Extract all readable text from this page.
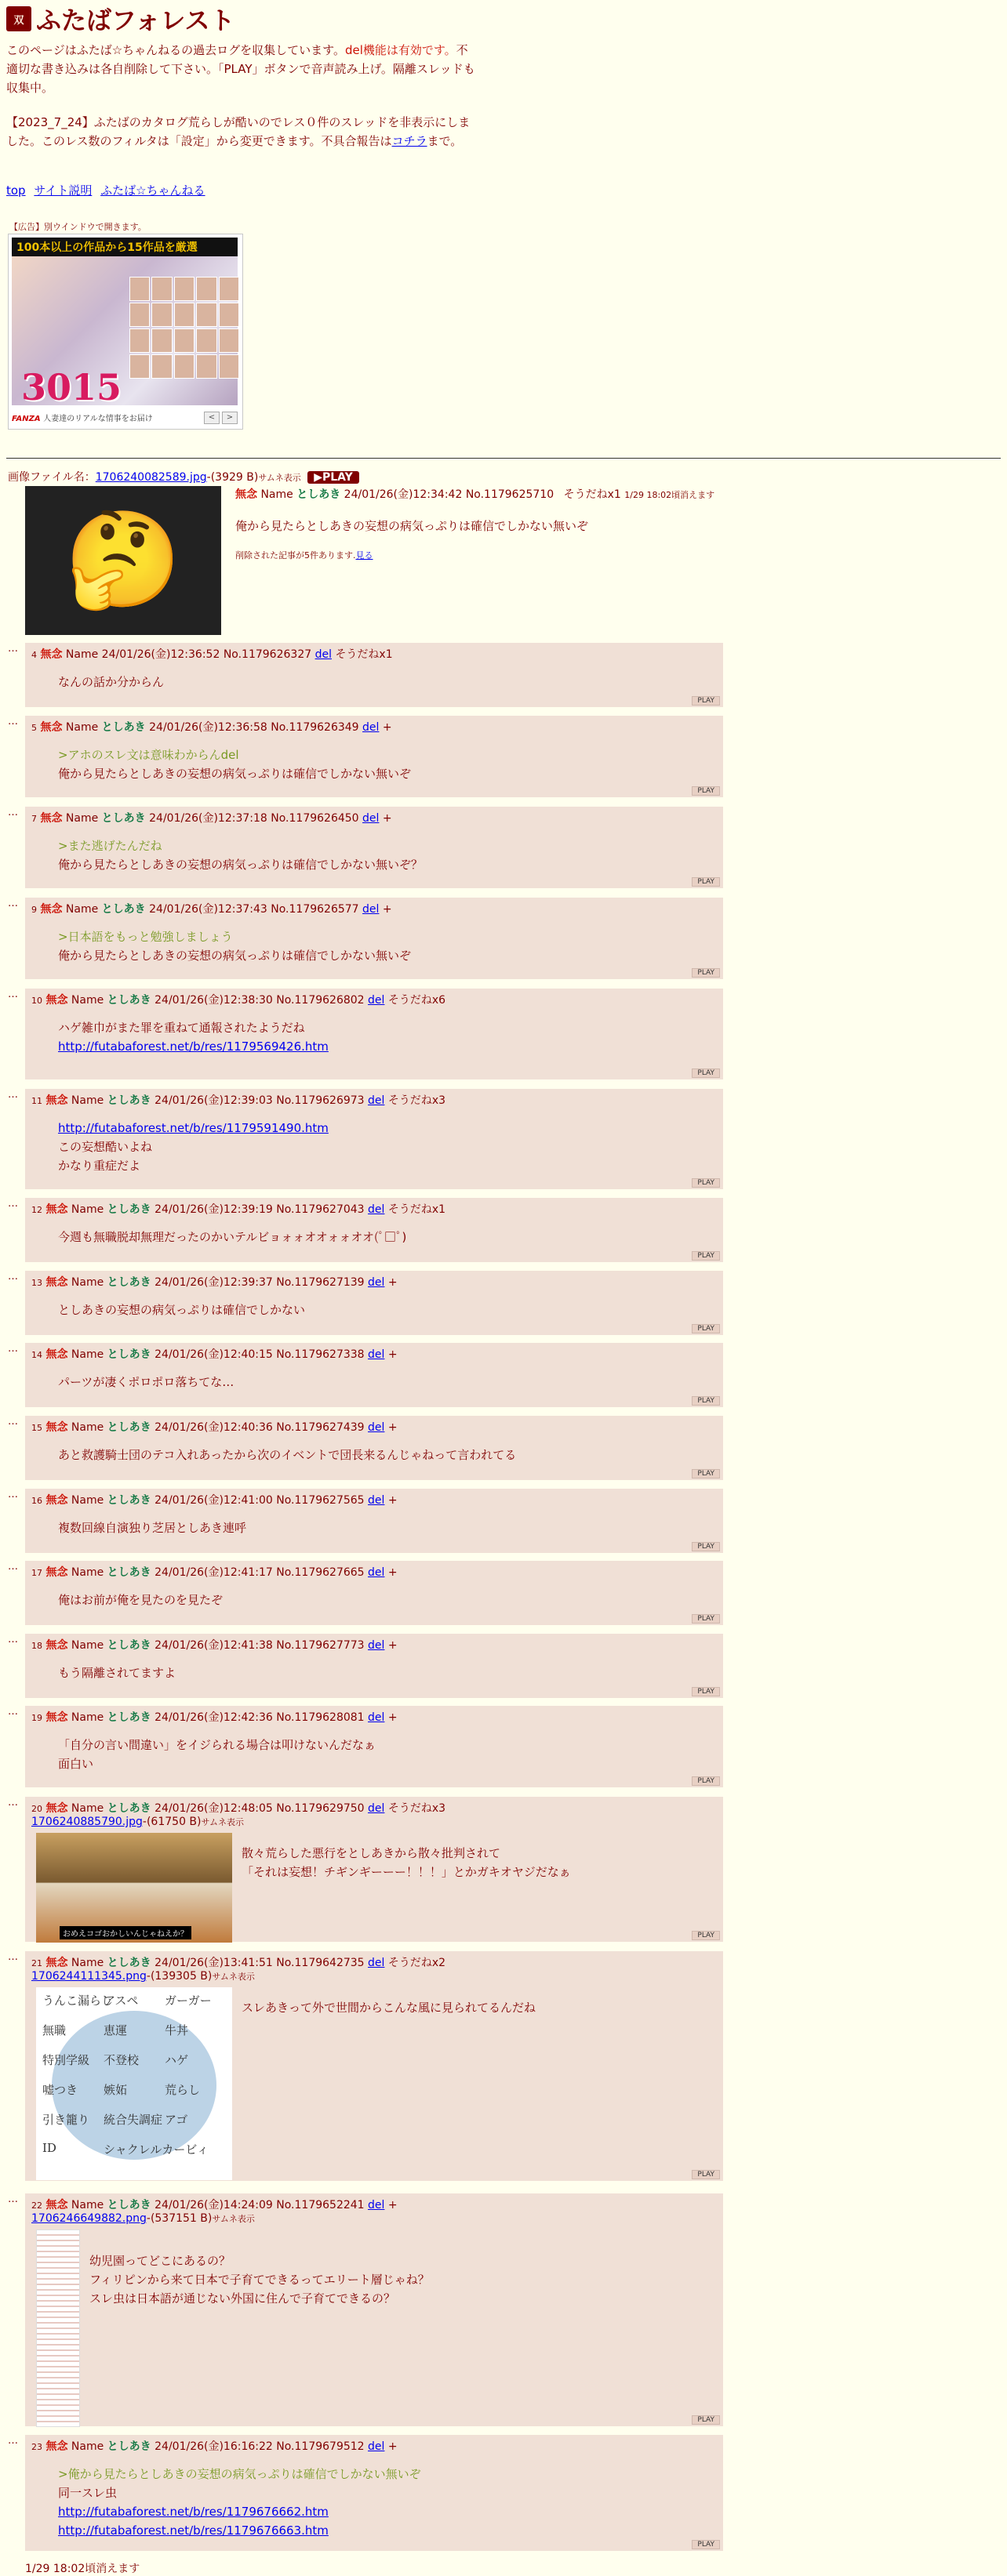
双 ふたばフォレスト

このページはふたば☆ちゃんねるの過去ログを収集しています。del機能は有効です。不適切な書き込みは各自削除して下さい。「PLAY」ボタンで音声読み上げ。隔離スレッドも収集中。

【2023_7_24】ふたばのカタログ荒らしが酷いのでレス０件のスレッドを非表示にしました。このレス数のフィルタは「設定」から変更できます。不具合報告はコチラまで。

top サイト説明 ふたば☆ちゃんねる
【広告】別ウインドウで開きます。
3015
100本以上の作品から15作品を厳選
FANZA 人妻達のリアルな情事をお届け	< >
画像ファイル名：1706240082589.jpg-(3929 B)サムネ表示 ▶PLAY
🤔
無念 Name としあき 24/01/26(金)12:34:42 No.1179625710 そうだねx1 1/29 18:02頃消えます
俺から見たらとしあきの妄想の病気っぷりは確信でしかない無いぞ
削除された記事が5件あります.見る
…
4 無念 Name 24/01/26(金)12:36:52 No.1179626327 del そうだねx1
なんの話か分からん
PLAY
…
5 無念 Name としあき 24/01/26(金)12:36:58 No.1179626349 del +
>アホのスレ文は意味わからんdel
俺から見たらとしあきの妄想の病気っぷりは確信でしかない無いぞ
PLAY
…
7 無念 Name としあき 24/01/26(金)12:37:18 No.1179626450 del +
>また逃げたんだね
俺から見たらとしあきの妄想の病気っぷりは確信でしかない無いぞ？
PLAY
…
9 無念 Name としあき 24/01/26(金)12:37:43 No.1179626577 del +
>日本語をもっと勉強しましょう
俺から見たらとしあきの妄想の病気っぷりは確信でしかない無いぞ
PLAY
…
10 無念 Name としあき 24/01/26(金)12:38:30 No.1179626802 del そうだねx6
ハゲ雑巾がまた罪を重ねて通報されたようだね
http://futabaforest.net/b/res/1179569426.htm
PLAY
…
11 無念 Name としあき 24/01/26(金)12:39:03 No.1179626973 del そうだねx3
http://futabaforest.net/b/res/1179591490.htm
この妄想酷いよね
かなり重症だよ
PLAY
…
12 無念 Name としあき 24/01/26(金)12:39:19 No.1179627043 del そうだねx1
今週も無職脱却無理だったのかいテルビョォォオオォォオオ(ﾟ□ﾟ)
PLAY
…
13 無念 Name としあき 24/01/26(金)12:39:37 No.1179627139 del +
としあきの妄想の病気っぷりは確信でしかない
PLAY
…
14 無念 Name としあき 24/01/26(金)12:40:15 No.1179627338 del +
パーツが凄くポロポロ落ちてな…
PLAY
…
15 無念 Name としあき 24/01/26(金)12:40:36 No.1179627439 del +
あと救護騎士団のテコ入れあったから次のイベントで団長来るんじゃねって言われてる
PLAY
…
16 無念 Name としあき 24/01/26(金)12:41:00 No.1179627565 del +
複数回線自演独り芝居としあき連呼
PLAY
…
17 無念 Name としあき 24/01/26(金)12:41:17 No.1179627665 del +
俺はお前が俺を見たのを見たぞ
PLAY
…
18 無念 Name としあき 24/01/26(金)12:41:38 No.1179627773 del +
もう隔離されてますよ
PLAY
…
19 無念 Name としあき 24/01/26(金)12:42:36 No.1179628081 del +
「自分の言い間違い」をイジられる場合は叩けないんだなぁ
面白い
PLAY
…
20 無念 Name としあき 24/01/26(金)12:48:05 No.1179629750 del そうだねx3
1706240885790.jpg-(61750 B)サムネ表示
おめえコゴおかしいんじゃねえか？
散々荒らした悪行をとしあきから散々批判されて
「それは妄想！チギンギーーー！！！」とかガキオヤジだなぁ
PLAY
…
21 無念 Name としあき 24/01/26(金)13:41:51 No.1179642735 del そうだねx2
1706244111345.png-(139305 B)サムネ表示
うんこ漏らし
アスペ ガーガー
無職	恵運	牛丼
特別学級 不登校 ハゲ
嘘つき 嫉妬	荒らし
引き籠り 統合失調症 アゴ
ID	シャクレルカービィ
スレあきって外で世間からこんな風に見られてるんだね
PLAY
…
22 無念 Name としあき 24/01/26(金)14:24:09 No.1179652241 del +
1706246649882.png-(537151 B)サムネ表示
幼児園ってどこにあるの？
フィリピンから来て日本で子育てできるってエリート層じゃね？
スレ虫は日本語が通じない外国に住んで子育てできるの？
PLAY
…
23 無念 Name としあき 24/01/26(金)16:16:22 No.1179679512 del +
>俺から見たらとしあきの妄想の病気っぷりは確信でしかない無いぞ
同一スレ虫
http://futabaforest.net/b/res/1179676662.htm
http://futabaforest.net/b/res/1179676663.htm
PLAY
1/29 18:02頃消えます
